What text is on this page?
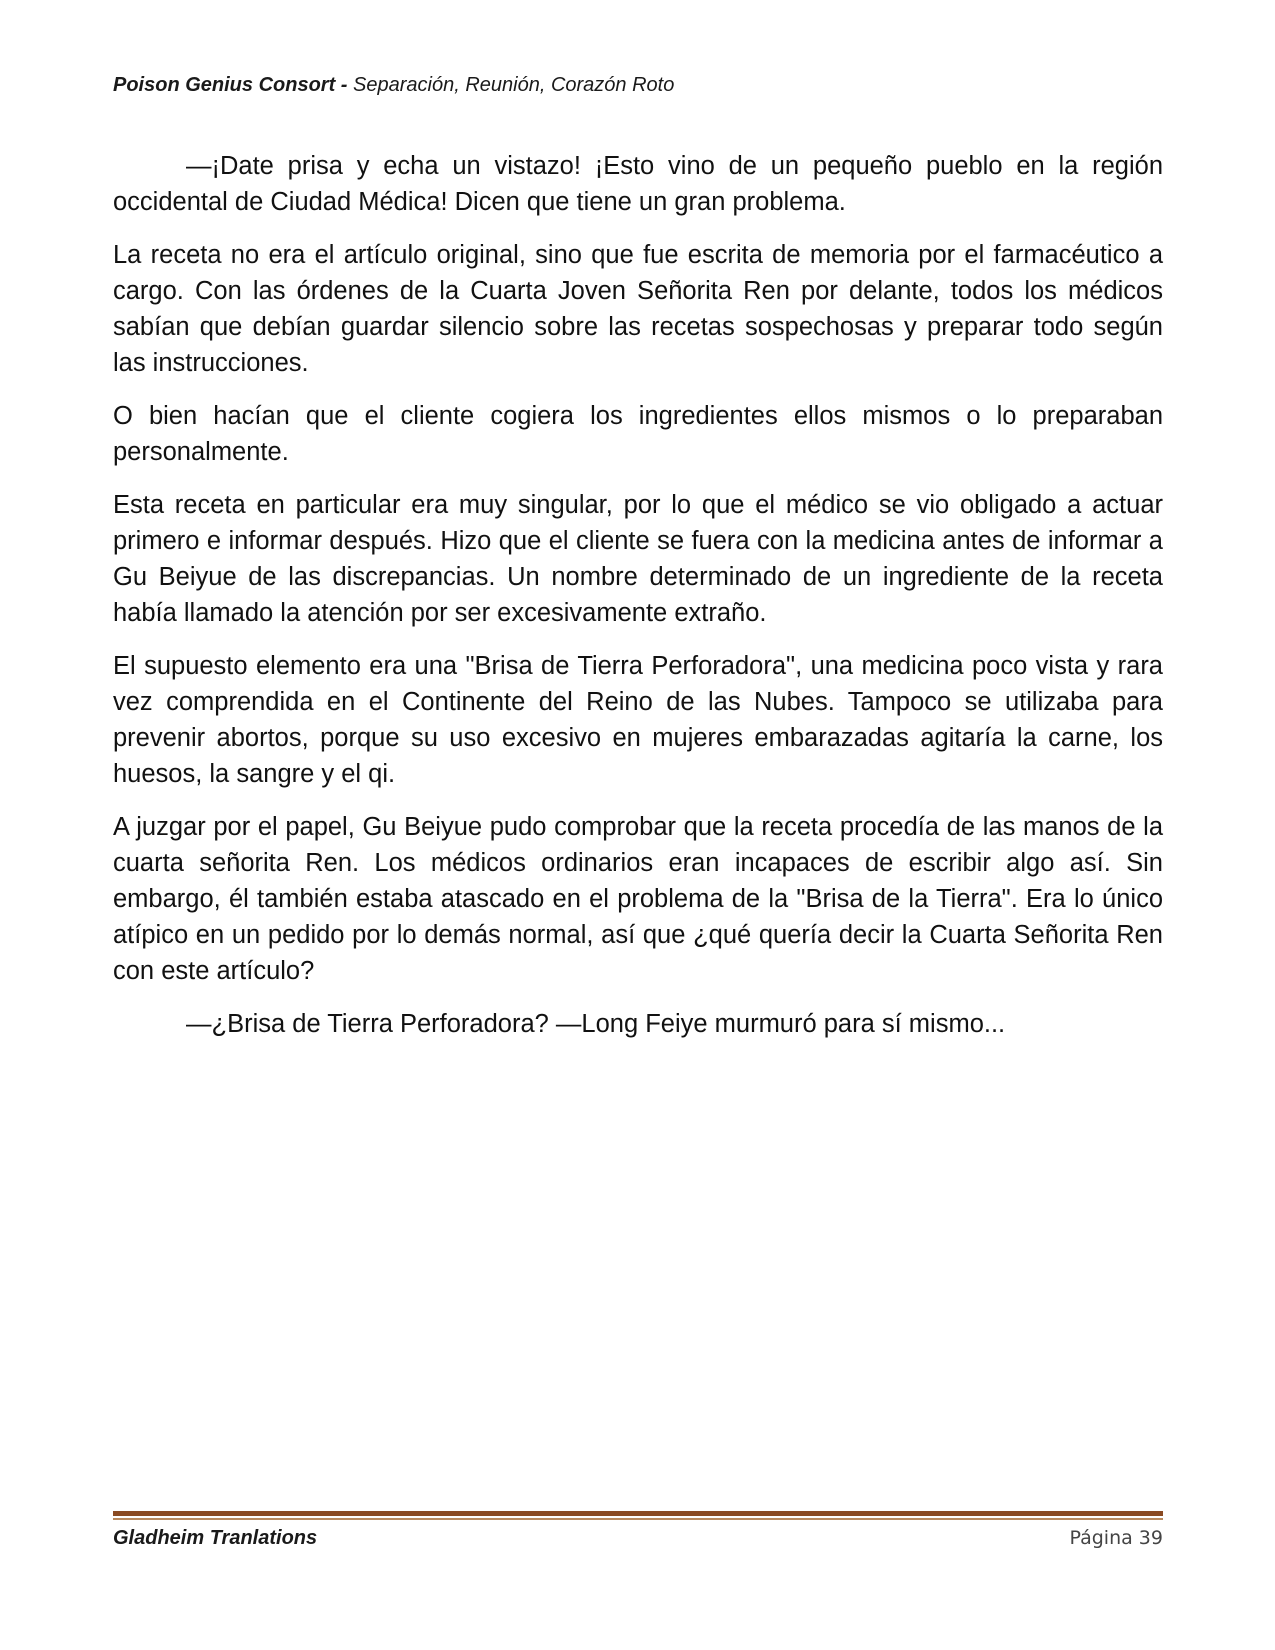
Poison Genius Consort - Separación, Reunión, Corazón Roto

—¡Date prisa y echa un vistazo! ¡Esto vino de un pequeño pueblo en la región occidental de Ciudad Médica! Dicen que tiene un gran problema.

La receta no era el artículo original, sino que fue escrita de memoria por el farmacéutico a cargo. Con las órdenes de la Cuarta Joven Señorita Ren por delante, todos los médicos sabían que debían guardar silencio sobre las recetas sospechosas y preparar todo según las instrucciones.

O bien hacían que el cliente cogiera los ingredientes ellos mismos o lo preparaban personalmente.

Esta receta en particular era muy singular, por lo que el médico se vio obligado a actuar primero e informar después. Hizo que el cliente se fuera con la medicina antes de informar a Gu Beiyue de las discrepancias. Un nombre determinado de un ingrediente de la receta había llamado la atención por ser excesivamente extraño.

El supuesto elemento era una "Brisa de Tierra Perforadora", una medicina poco vista y rara vez comprendida en el Continente del Reino de las Nubes. Tampoco se utilizaba para prevenir abortos, porque su uso excesivo en mujeres embarazadas agitaría la carne, los huesos, la sangre y el qi.

A juzgar por el papel, Gu Beiyue pudo comprobar que la receta procedía de las manos de la cuarta señorita Ren. Los médicos ordinarios eran incapaces de escribir algo así. Sin embargo, él también estaba atascado en el problema de la "Brisa de la Tierra". Era lo único atípico en un pedido por lo demás normal, así que ¿qué quería decir la Cuarta Señorita Ren con este artículo?

—¿Brisa de Tierra Perforadora? —Long Feiye murmuró para sí mismo...

Gladheim Tranlations	Página 39
